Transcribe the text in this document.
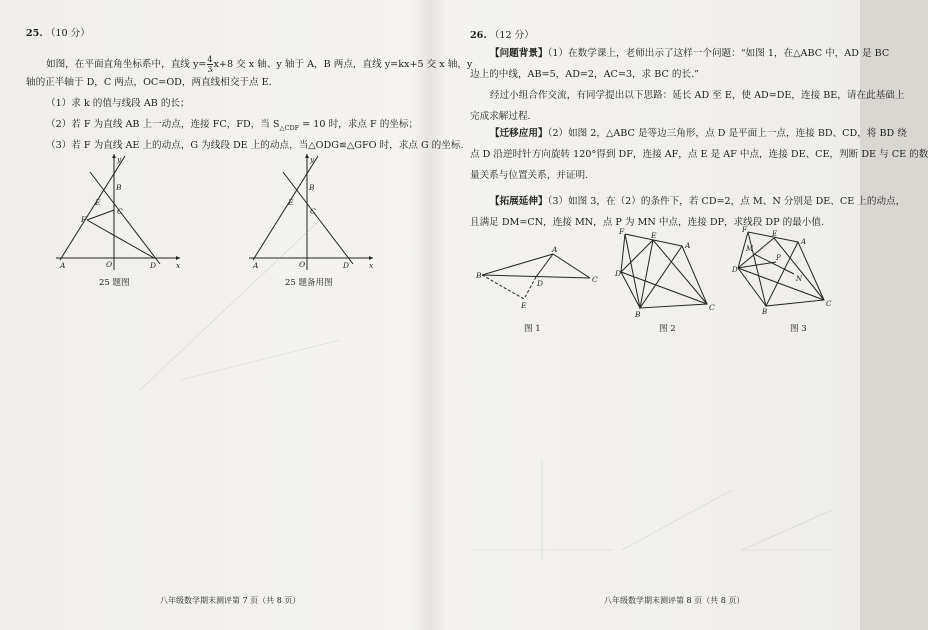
25. （10 分）
如图，在平面直角坐标系中，直线 $y= \frac{4}{3} x+8$ 交 x 轴、y 轴于 A，B 两点，直线 y=kx+5 交 x 轴，y
轴的正半轴于 D，C 两点，OC=OD，两直线相交于点 E.
（1）求 k 的值与线段 AB 的长；
（2）若 F 为直线 AB 上一动点，连接 FC，FD，当 $S_{\triangle CDF} = 10$ 时，求点 F 的坐标；
（3）若 F 为直线 AE 上的动点，G 为线段 DE 上的动点，当△ODG≌△GFO 时，求点 G 的坐标.
y
x
A
B
C
D
E
F
O
25 题图
y
x
A
B
C
D
E
O
25 题备用图
八年级数学期末测评第 7 页（共 8 页）
26. （12 分）
【问题背景】（1）在数学课上，老师出示了这样一个问题：“如图 1，在△ABC 中，AD 是 BC
边上的中线，AB=5，AD=2，AC=3，求 BC 的长.”
经过小组合作交流，有同学提出以下思路：延长 AD 至 E，使 AD=DE，连接 BE，请在此基础上
完成求解过程.
【迁移应用】（2）如图 2，△ABC 是等边三角形，点 D 是平面上一点，连接 BD、CD，将 BD 绕
点 D 沿逆时针方向旋转 120°得到 DF，连接 AF，点 E 是 AF 中点，连接 DE、CE，判断 DE 与 CE 的数
量关系与位置关系，并证明.
【拓展延伸】（3）如图 3，在（2）的条件下，若 CD=2，点 M、N 分别是 DE、CE 上的动点，
且满足 DM=CN，连接 MN，点 P 为 MN 中点，连接 DP，求线段 DP 的最小值.
A
B	C
D
E
图 1
F	E
A
D
B
C
图 2
F	E
A
M
P
N
D
B
C
图 3
八年级数学期末测评第 8 页（共 8 页）
